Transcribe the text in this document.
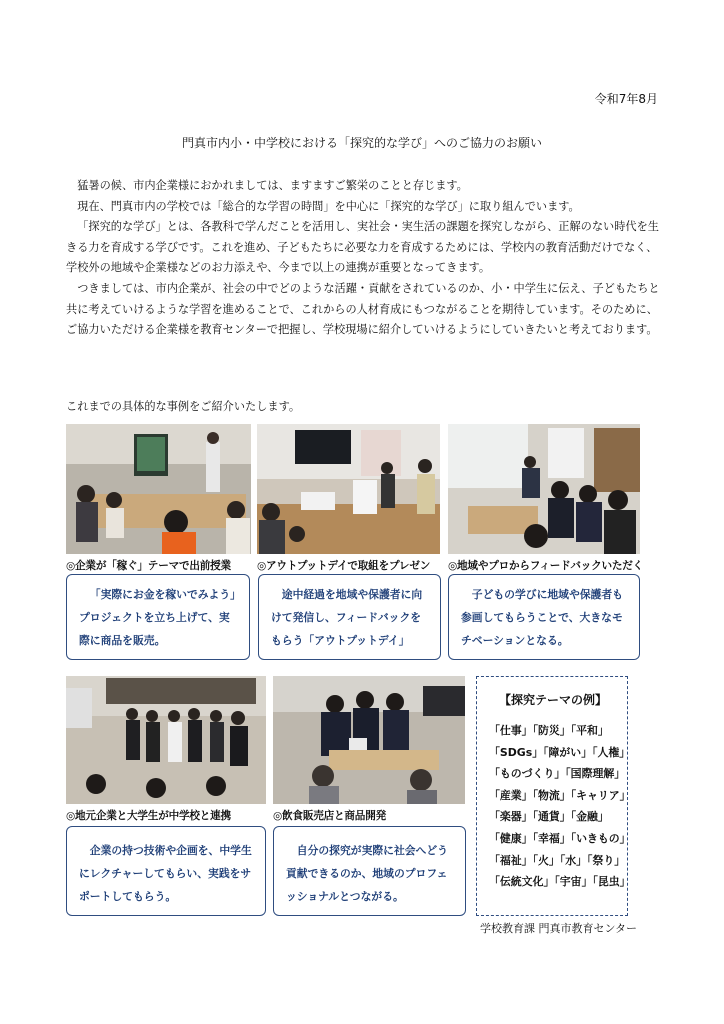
令和7年8月
門真市内小・中学校における「探究的な学び」へのご協力のお願い

猛暑の候、市内企業様におかれましては、ますますご繁栄のことと存じます。

現在、門真市内の学校では「総合的な学習の時間」を中心に「探究的な学び」に取り組んでいます。

「探究的な学び」とは、各教科で学んだことを活用し、実社会・実生活の課題を探究しながら、正解のない時代を生きる力を育成する学びです。これを進め、子どもたちに必要な力を育成するためには、学校内の教育活動だけでなく、学校外の地域や企業様などのお力添えや、今まで以上の連携が重要となってきます。

つきましては、市内企業が、社会の中でどのような活躍・貢献をされているのか、小・中学生に伝え、子どもたちと共に考えていけるような学習を進めることで、これからの人材育成にもつながることを期待しています。そのために、ご協力いただける企業様を教育センターで把握し、学校現場に紹介していけるようにしていきたいと考えております。

これまでの具体的な事例をご紹介いたします。
◎企業が「稼ぐ」テーマで出前授業 ◎アウトプットデイで取組をプレゼン ◎地域やプロからフィードバックいただく

「実際にお金を稼いでみよう」プロジェクトを立ち上げて、実際に商品を販売。

途中経過を地域や保護者に向けて発信し、フィードバックをもらう「アウトプットデイ」

子どもの学びに地域や保護者も参画してもらうことで、大きなモチベーションとなる。

◎地元企業と大学生が中学校と連携	◎飲食販売店と商品開発

企業の持つ技術や企画を、中学生にレクチャーしてもらい、実践をサポートしてもらう。

自分の探究が実際に社会へどう貢献できるのか、地域のプロフェッショナルとつながる。

【探究テーマの例】
「仕事」「防災」「平和」
「SDGs」「障がい」「人権」
「ものづくり」「国際理解」
「産業」「物流」「キャリア」
「楽器」「通貨」「金融」
「健康」「幸福」「いきもの」
「福祉」「火」「水」「祭り」
「伝統文化」「宇宙」「昆虫」
学校教育課 門真市教育センター
